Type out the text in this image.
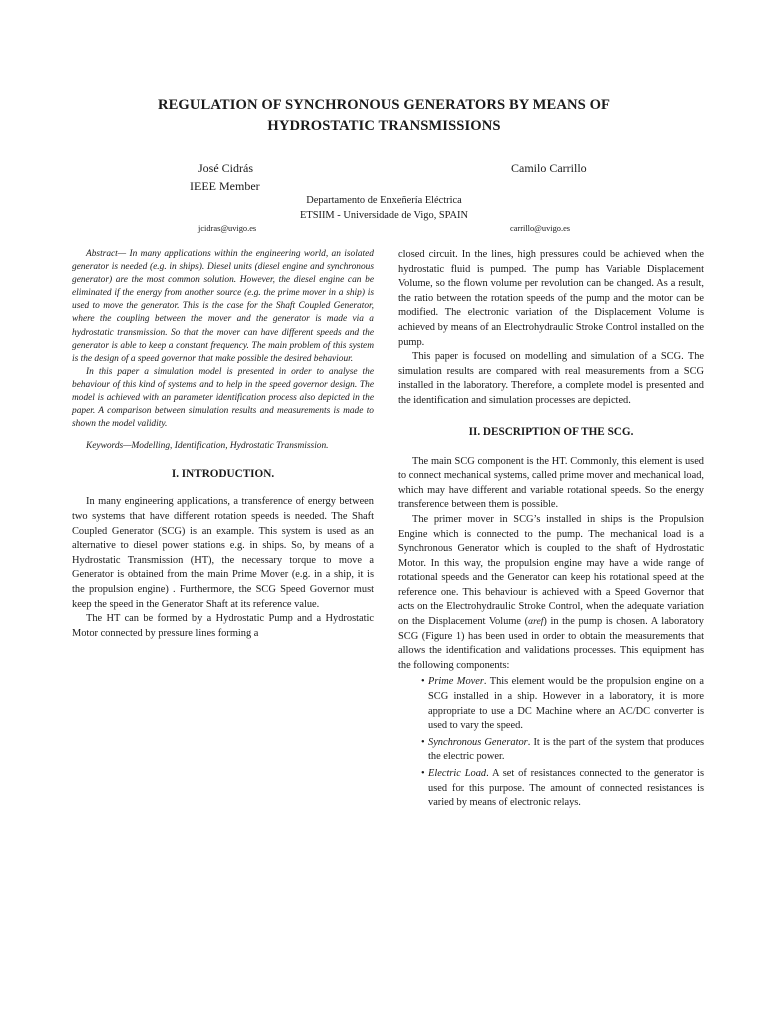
REGULATION OF SYNCHRONOUS GENERATORS BY MEANS OF
HYDROSTATIC TRANSMISSIONS
José Cidrás
IEEE Member
Camilo Carrillo
Departamento de Enxeñería Eléctrica
ETSIIM - Universidade de Vigo, SPAIN
jcidras@uvigo.es	carrillo@uvigo.es

Abstract— In many applications within the engineering world, an isolated generator is needed (e.g. in ships). Diesel units (diesel engine and synchronous generator) are the most common solution. However, the diesel engine can be eliminated if the energy from another source (e.g. the prime mover in a ship) is used to move the generator. This is the case for the Shaft Coupled Generator, where the coupling between the mover and the generator is made via a hydrostatic transmission. So that the mover can have different speeds and the generator is able to keep a constant frequency. The main problem of this system is the design of a speed governor that make possible the desired behaviour.

In this paper a simulation model is presented in order to analyse the behaviour of this kind of systems and to help in the speed governor design. The model is achieved with an parameter identification process also depicted in the paper. A comparison between simulation results and measurements is made to shown the model validity.

Keywords—Modelling, Identification, Hydrostatic Transmission.

I. INTRODUCTION.

In many engineering applications, a transference of energy between two systems that have different rotation speeds is needed. The Shaft Coupled Generator (SCG) is an example. This system is used as an alternative to diesel power stations e.g. in ships. So, by means of a Hydrostatic Transmission (HT), the necessary torque to move a Generator is obtained from the main Prime Mover (e.g. in a ship, it is the propulsion engine) . Furthermore, the SCG Speed Governor must keep the speed in the Generator Shaft at its reference value.

The HT can be formed by a Hydrostatic Pump and a Hydrostatic Motor connected by pressure lines forming a

closed circuit. In the lines, high pressures could be achieved when the hydrostatic fluid is pumped. The pump has Variable Displacement Volume, so the flown volume per revolution can be changed. As a result, the ratio between the rotation speeds of the pump and the motor can be modified. The electronic variation of the Displacement Volume is achieved by means of an Electrohydraulic Stroke Control installed on the pump.

This paper is focused on modelling and simulation of a SCG. The simulation results are compared with real measurements from a SCG installed in the laboratory. Therefore, a complete model is presented and the identification and simulation processes are depicted.

II. DESCRIPTION OF THE SCG.

The main SCG component is the HT. Commonly, this element is used to connect mechanical systems, called prime mover and mechanical load, which may have different and variable rotational speeds. So the energy transference between them is possible.

The primer mover in SCG’s installed in ships is the Propulsion Engine which is connected to the pump. The mechanical load is a Synchronous Generator which is coupled to the shaft of Hydrostatic Motor. In this way, the propulsion engine may have a wide range of rotational speeds and the Generator can keep his rotational speed at the reference one. This behaviour is achieved with a Speed Governor that acts on the Electrohydraulic Stroke Control, when the adequate variation on the Displacement Volume (αref) in the pump is chosen. A laboratory SCG (Figure 1) has been used in order to obtain the measurements that allows the identification and validations processes. This equipment has the following components:

• Prime Mover. This element would be the propulsion engine on a SCG installed in a ship. However in a laboratory, it is more appropriate to use a DC Machine where an AC/DC converter is used to vary the speed.
• Synchronous Generator. It is the part of the system that produces the electric power.
• Electric Load. A set of resistances connected to the generator is used for this purpose. The amount of connected resistances is varied by means of electronic relays.
